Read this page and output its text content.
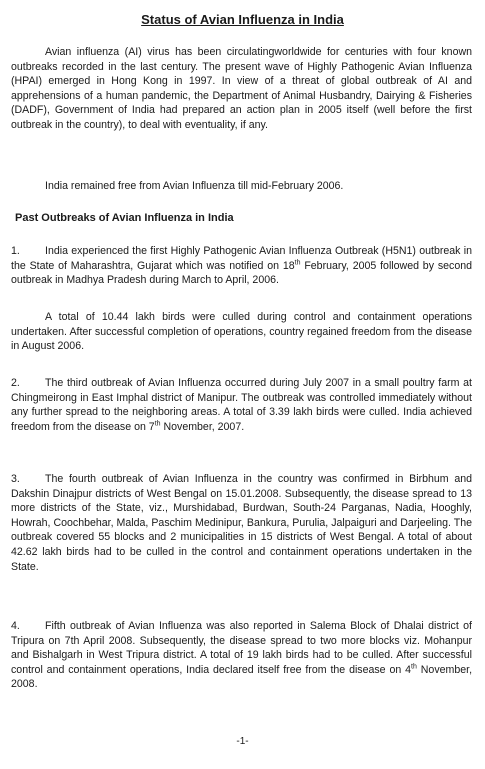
Status of Avian Influenza in India

Avian influenza (AI) virus has been circulatingworldwide for centuries with four known outbreaks recorded in the last century. The present wave of Highly Pathogenic Avian Influenza (HPAI) emerged in Hong Kong in 1997. In view of a threat of global outbreak of AI and apprehensions of a human pandemic, the Department of Animal Husbandry, Dairying & Fisheries (DADF), Government of India had prepared an action plan in 2005 itself (well before the first outbreak in the country), to deal with eventuality, if any.

India remained free from Avian Influenza till mid-February 2006.

Past Outbreaks of Avian Influenza in India

1. India experienced the first Highly Pathogenic Avian Influenza Outbreak (H5N1) outbreak in the State of Maharashtra, Gujarat which was notified on 18th February, 2005 followed by second outbreak in Madhya Pradesh during March to April, 2006.

A total of 10.44 lakh birds were culled during control and containment operations undertaken. After successful completion of operations, country regained freedom from the disease in August 2006.

2. The third outbreak of Avian Influenza occurred during July 2007 in a small poultry farm at Chingmeirong in East Imphal district of Manipur. The outbreak was controlled immediately without any further spread to the neighboring areas. A total of 3.39 lakh birds were culled. India achieved freedom from the disease on 7th November, 2007.

3. The fourth outbreak of Avian Influenza in the country was confirmed in Birbhum and Dakshin Dinajpur districts of West Bengal on 15.01.2008. Subsequently, the disease spread to 13 more districts of the State, viz., Murshidabad, Burdwan, South-24 Parganas, Nadia, Hooghly, Howrah, Coochbehar, Malda, Paschim Medinipur, Bankura, Purulia, Jalpaiguri and Darjeeling. The outbreak covered 55 blocks and 2 municipalities in 15 districts of West Bengal. A total of about 42.62 lakh birds had to be culled in the control and containment operations undertaken in the State.

4. Fifth outbreak of Avian Influenza was also reported in Salema Block of Dhalai district of Tripura on 7th April 2008. Subsequently, the disease spread to two more blocks viz. Mohanpur and Bishalgarh in West Tripura district. A total of 19 lakh birds had to be culled. After successful control and containment operations, India declared itself free from the disease on 4th November, 2008.

-1-
